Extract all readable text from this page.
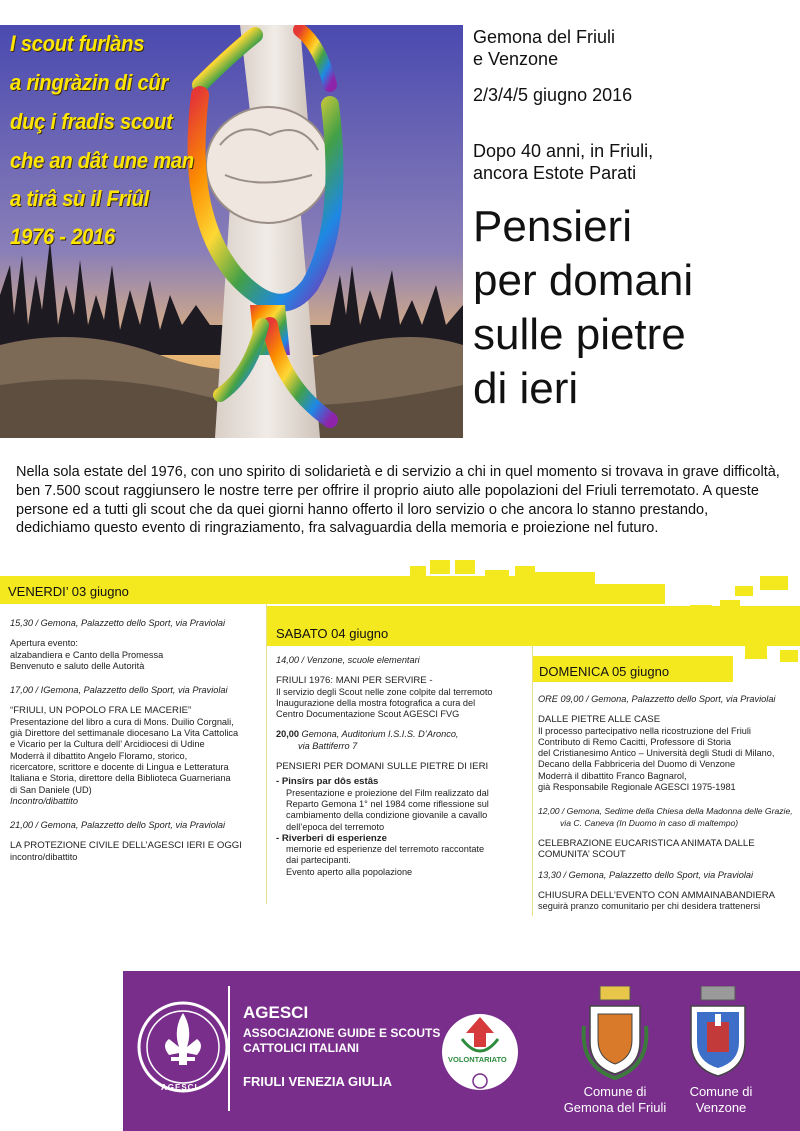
I scout furlàns
a ringràzin di cûr
duç i fradis scout
che an dât une man
a tirâ sù il Friûl
1976 - 2016
Gemona del Friuli
e Venzone
2/3/4/5 giugno 2016
Dopo 40 anni, in Friuli,
ancora Estote Parati
Pensieri
per domani
sulle pietre
di ieri
Nella sola estate del 1976, con uno spirito di solidarietà e di servizio a chi in quel momento si trovava in grave difficoltà, ben 7.500 scout raggiunsero le nostre terre per offrire il proprio aiuto alle popolazioni del Friuli terremotato. A queste persone ed a tutti gli scout che da quei giorni hanno offerto il loro servizio o che ancora lo stanno prestando, dedichiamo questo evento di ringraziamento, fra salvaguardia della memoria e proiezione nel futuro.
VENERDI’ 03 giugno
SABATO 04 giugno
DOMENICA 05 giugno

15,30 / Gemona, Palazzetto dello Sport, via Praviolai

Apertura evento:

alzabandiera e Canto della Promessa

Benvenuto e saluto delle Autorità

17,00 / IGemona, Palazzetto dello Sport, via Praviolai

“FRIULI, UN POPOLO FRA LE MACERIE”

Presentazione del libro a cura di Mons. Duilio Corgnali,

già Direttore del settimanale diocesano La Vita Cattolica

e Vicario per la Cultura dell’ Arcidiocesi di Udine

Moderrà il dibattito Angelo Floramo, storico,

ricercatore, scrittore e docente di Lingua e Letteratura

Italiana e Storia, direttore della Biblioteca Guarneriana

di San Daniele (UD)

Incontro/dibattito

21,00 / Gemona, Palazzetto dello Sport, via Praviolai

LA PROTEZIONE CIVILE DELL’AGESCI IERI E OGGI

incontro/dibattito

14,00 / Venzone, scuole elementari

FRIULI 1976: MANI PER SERVIRE -

Il servizio degli Scout nelle zone colpite dal terremoto

Inaugurazione della mostra fotografica a cura del

Centro Documentazione Scout AGESCI FVG

20,00 Gemona, Auditorium I.S.I.S. D’Aronco,

via Battiferro 7

PENSIERI PER DOMANI SULLE PIETRE DI IERI

- Pinsîrs par dôs estâs

Presentazione e proiezione del Film realizzato dal

Reparto Gemona 1° nel 1984 come riflessione sul

cambiamento della condizione giovanile a cavallo

dell’epoca del terremoto

- Riverberi di esperienze

memorie ed esperienze del terremoto raccontate

dai partecipanti.

Evento aperto alla popolazione

ORE 09,00 / Gemona, Palazzetto dello Sport, via Praviolai

DALLE PIETRE ALLE CASE

Il processo partecipativo nella ricostruzione del Friuli

Contributo di Remo Cacitti, Professore di Storia

del Cristianesimo Antico – Università degli Studi di Milano,

Decano della Fabbriceria del Duomo di Venzone

Moderrà il dibattito Franco Bagnarol,

già Responsabile Regionale AGESCI 1975-1981

12,00 / Gemona, Sedime della Chiesa della Madonna delle Grazie,

via C. Caneva (In Duomo in caso di maltempo)

CELEBRAZIONE EUCARISTICA ANIMATA DALLE

COMUNITA’ SCOUT

13,30 / Gemona, Palazzetto dello Sport, via Praviolai

CHIUSURA DELL’EVENTO CON AMMAINABANDIERA

seguirà pranzo comunitario per chi desidera trattenersi

AGESCI
AGESCI
ASSOCIAZIONE GUIDE E SCOUTS
CATTOLICI ITALIANI
FRIULI VENEZIA GIULIA
VOLONTARIATO
Comune di
Gemona del Friuli
Comune di
Venzone
